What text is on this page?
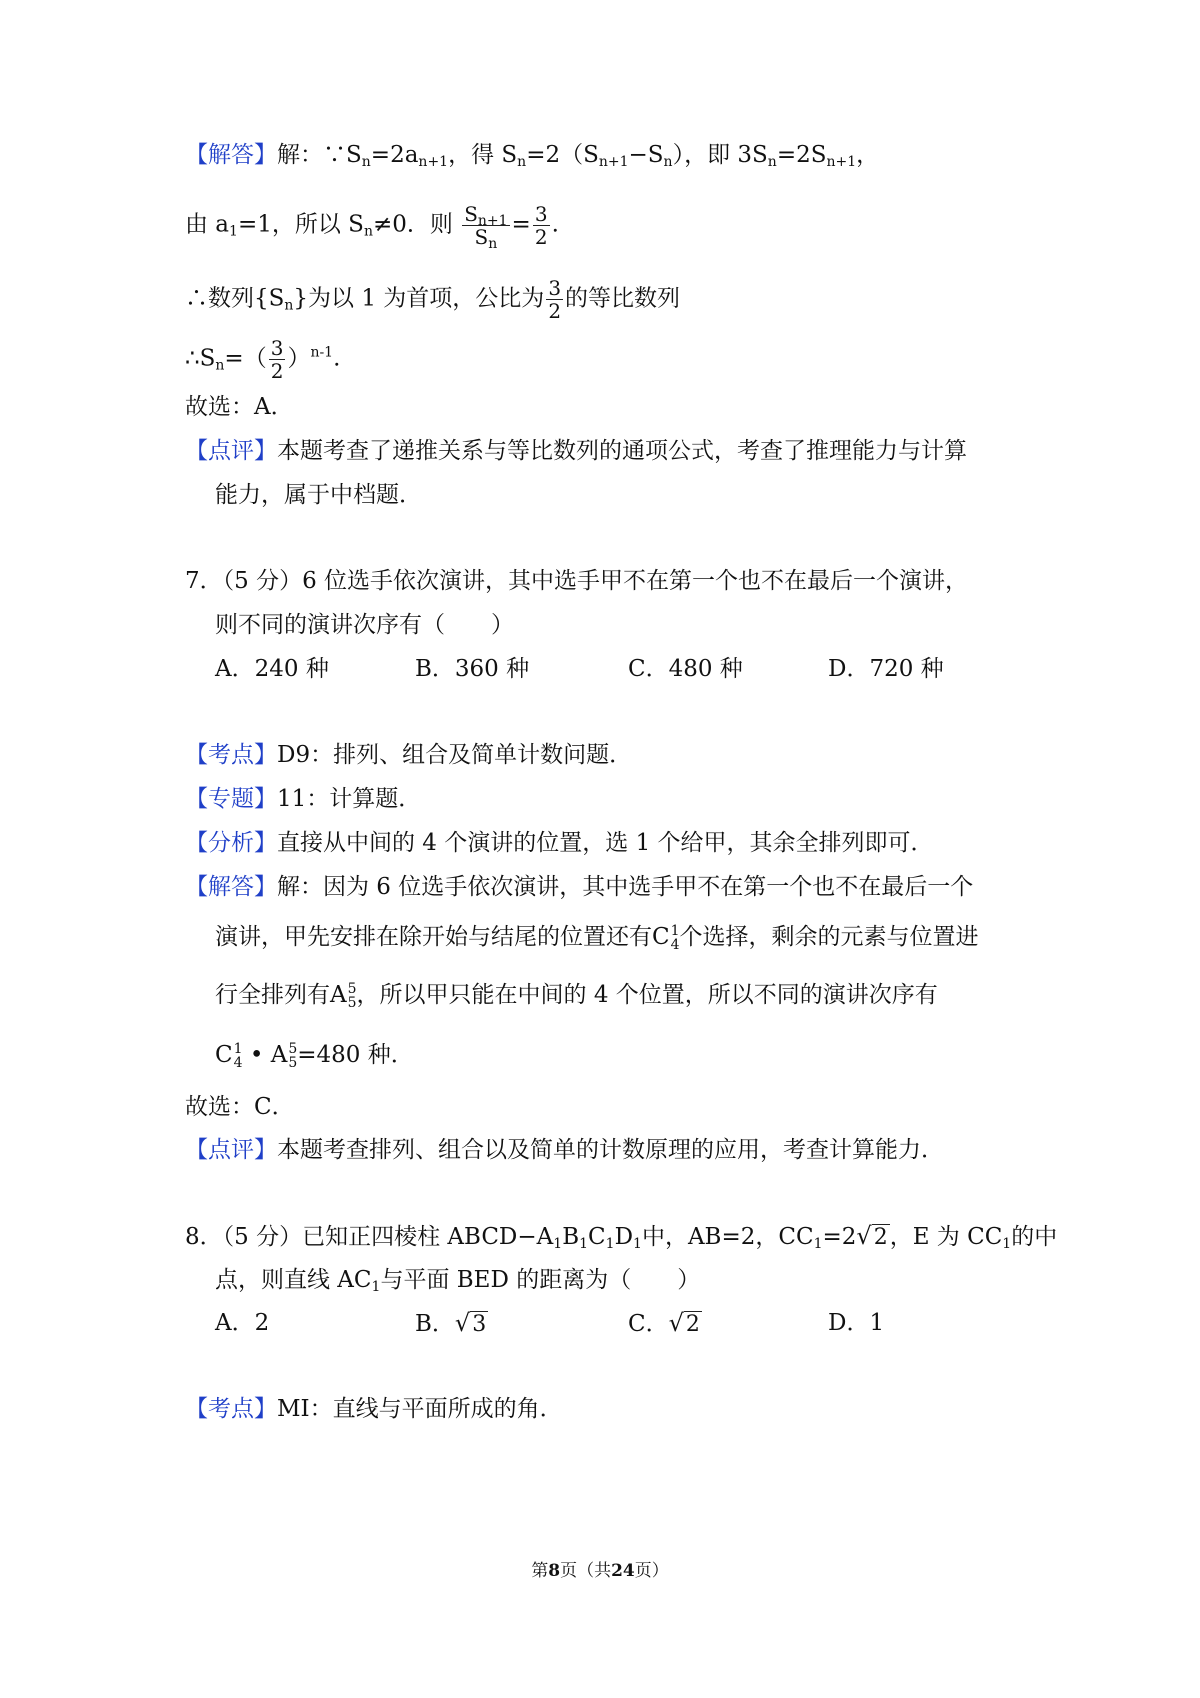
【解答】解：$\because S_n=2a_{n+1}$，得 $S_n=2(S_{n+1}-S_n)$，即 $3S_n=2S_{n+1}$，
由 $a_1=1$，所以 $S_n\ne 0$．则 $\frac{S_{n+1}}{S_n} = \frac{3}{2}$ .
∴数列$\{S_n\}$为以 1 为首项，公比为 $\frac{3}{2}$ 的等比数列
$\therefore S_n=( \frac{3}{2} )^{n-1}$.
故选：A．
【点评】本题考查了递推关系与等比数列的通项公式，考查了推理能力与计算
能力，属于中档题．
7．（5 分）6 位选手依次演讲，其中选手甲不在第一个也不在最后一个演讲，
则不同的演讲次序有（　　）
A．240 种	B．360 种	C．480 种	D．720 种
【考点】D9：排列、组合及简单计数问题．
【专题】11：计算题．
【分析】直接从中间的 4 个演讲的位置，选 1 个给甲，其余全排列即可．
【解答】解：因为 6 位选手依次演讲，其中选手甲不在第一个也不在最后一个
演讲，甲先安排在除开始与结尾的位置还有C 1
4 个选择，剩余的元素与位置进
行全排列有A 5
5 ，所以甲只能在中间的 4 个位置，所以不同的演讲次序有
C 1
4 • A 5
5 =480 种．
故选：C．
【点评】本题考查排列、组合以及简单的计数原理的应用，考查计算能力．
8．（5 分）已知正四棱柱 $ABCD-A_1B_1C_1D_1$中，AB=2，$CC_1=2√2$，E 为 $CC_1$的中
点，则直线 $AC_1$与平面 BED 的距离为（　　）
A．2	B．√3	C．√2	D．1
【考点】MI：直线与平面所成的角．
第8页（共24页）
